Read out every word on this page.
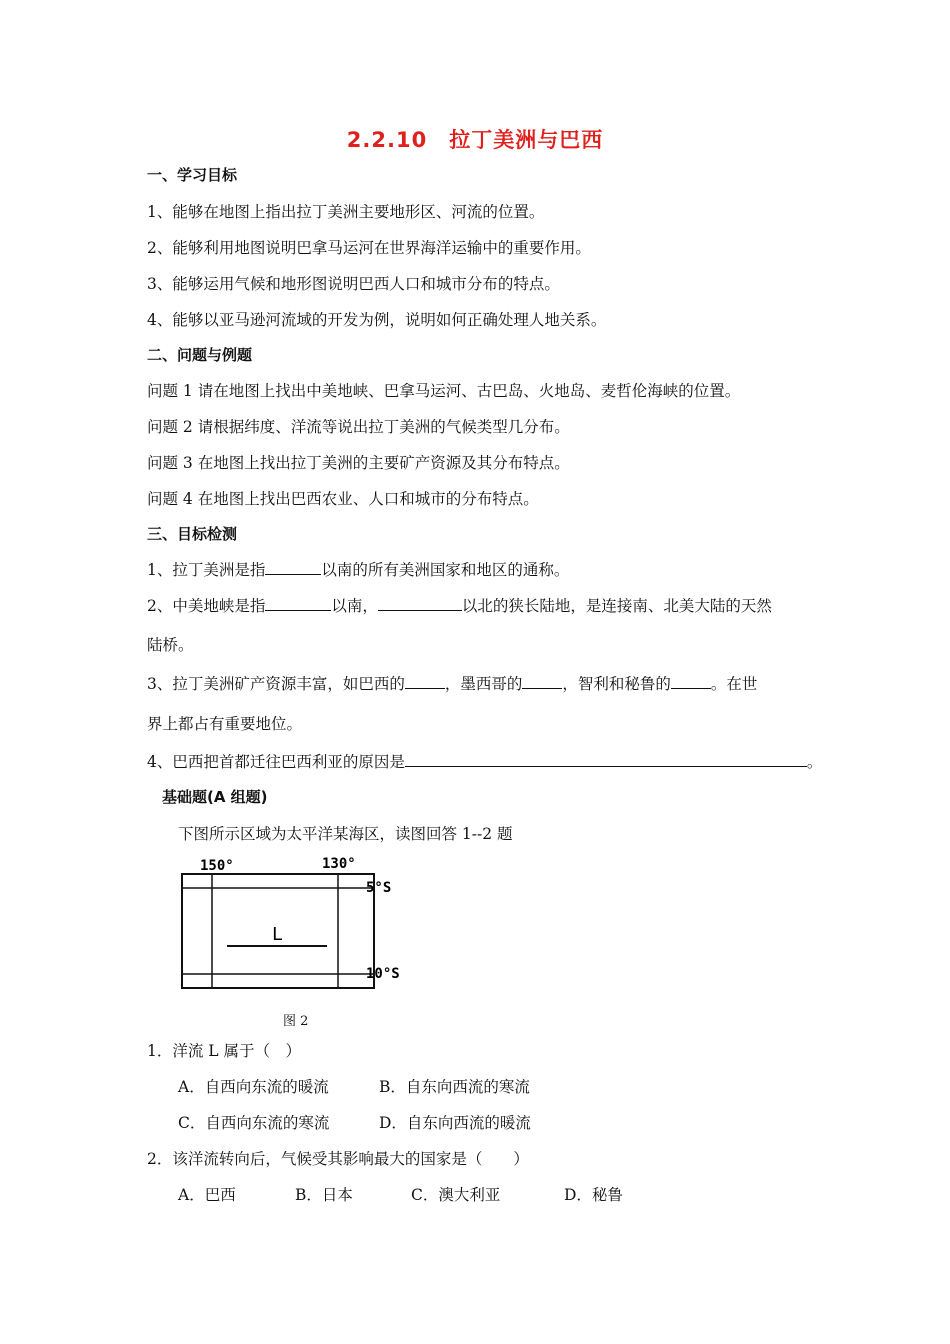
2.2.10　拉丁美洲与巴西
一、学习目标
1、能够在地图上指出拉丁美洲主要地形区、河流的位置。
2、能够利用地图说明巴拿马运河在世界海洋运输中的重要作用。
3、能够运用气候和地形图说明巴西人口和城市分布的特点。
4、能够以亚马逊河流域的开发为例，说明如何正确处理人地关系。
二、问题与例题
问题 1 请在地图上找出中美地峡、巴拿马运河、古巴岛、火地岛、麦哲伦海峡的位置。
问题 2 请根据纬度、洋流等说出拉丁美洲的气候类型几分布。
问题 3 在地图上找出拉丁美洲的主要矿产资源及其分布特点。
问题 4 在地图上找出巴西农业、人口和城市的分布特点。
三、目标检测
1、拉丁美洲是指	以南的所有美洲国家和地区的通称。
2、中美地峡是指	以南，	以北的狭长陆地，是连接南、北美大陆的天然
陆桥。
3、拉丁美洲矿产资源丰富，如巴西的	，墨西哥的	，智利和秘鲁的	。在世
界上都占有重要地位。
4、巴西把首都迁往巴西利亚的原因是	。
基础题(A 组题)
下图所示区域为太平洋某海区，读图回答 1--2 题
150°	130°
5°S
10°S
L
图 2
1．洋流 L 属于（　）
A．自西向东流的暖流	B．自东向西流的寒流
C．自西向东流的寒流	D．自东向西流的暖流
2．该洋流转向后，气候受其影响最大的国家是（　　）
A．巴西	B．日本	C．澳大利亚	D．秘鲁
